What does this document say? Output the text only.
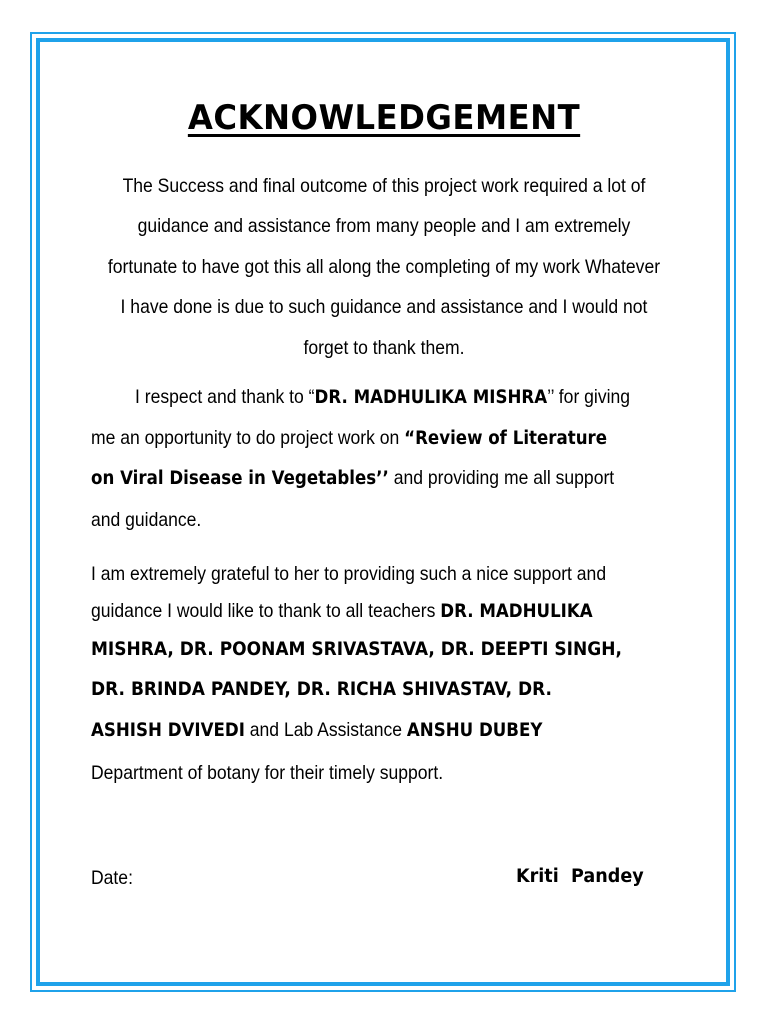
ACKNOWLEDGEMENT
The Success and final outcome of this project work required a lot of
guidance and assistance from many people and I am extremely
fortunate to have got this all along the completing of my work Whatever
I have done is due to such guidance and assistance and I would not
forget to thank them.
I respect and thank to “DR. MADHULIKA MISHRA’’ for giving
me an opportunity to do project work on “Review of Literature
on Viral Disease in Vegetables’’ and providing me all support
and guidance.
I am extremely grateful to her to providing such a nice support and
guidance I would like to thank to all teachers DR. MADHULIKA
MISHRA, DR. POONAM SRIVASTAVA, DR. DEEPTI SINGH,
DR. BRINDA PANDEY, DR. RICHA SHIVASTAV, DR.
ASHISH DVIVEDI and Lab Assistance ANSHU DUBEY
Department of botany for their timely support.
Date:	Kriti  Pandey
